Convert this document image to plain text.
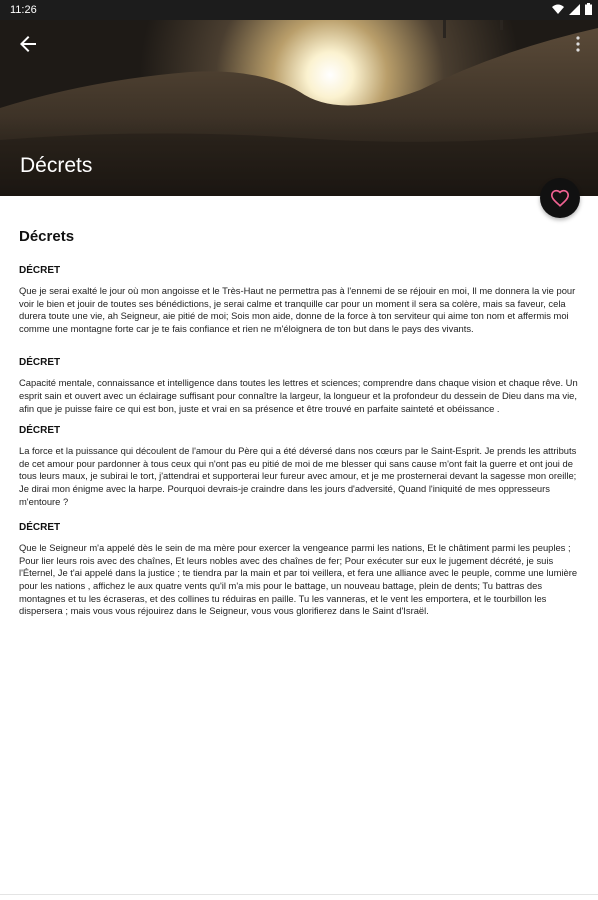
11:26
Décrets
Décrets
DÉCRET

Que je serai exalté le jour où mon angoisse et le Très-Haut ne permettra pas à l'ennemi de se réjouir en moi, Il me donnera la vie pour voir le bien et jouir de toutes ses bénédictions, je serai calme et tranquille car pour un moment il sera sa colère, mais sa faveur, cela durera toute une vie, ah Seigneur, aie pitié de moi; Sois mon aide, donne de la force à ton serviteur qui aime ton nom et affermis moi comme une montagne forte car je te fais confiance et rien ne m'éloignera de ton but dans le pays des vivants.

DÉCRET

Capacité mentale, connaissance et intelligence dans toutes les lettres et sciences; comprendre dans chaque vision et chaque rêve. Un esprit sain et ouvert avec un éclairage suffisant pour connaître la largeur, la longueur et la profondeur du dessein de Dieu dans ma vie, afin que je puisse faire ce qui est bon, juste et vrai en sa présence et être trouvé en parfaite sainteté et obéissance .

DÉCRET

La force et la puissance qui découlent de l'amour du Père qui a été déversé dans nos cœurs par le Saint-Esprit. Je prends les attributs de cet amour pour pardonner à tous ceux qui n'ont pas eu pitié de moi de me blesser qui sans cause m'ont fait la guerre et ont joui de tous leurs maux, je subirai le tort, j'attendrai et supporterai leur fureur avec amour, et je me prosternerai devant la sagesse mon oreille; Je dirai mon énigme avec la harpe. Pourquoi devrais-je craindre dans les jours d'adversité, Quand l'iniquité de mes oppresseurs m'entoure ?

DÉCRET

Que le Seigneur m'a appelé dès le sein de ma mère pour exercer la vengeance parmi les nations, Et le châtiment parmi les peuples ; Pour lier leurs rois avec des chaînes, Et leurs nobles avec des chaînes de fer; Pour exécuter sur eux le jugement décrété, je suis l'Éternel, Je t'ai appelé dans la justice ; te tiendra par la main et par toi veillera, et fera une alliance avec le peuple, comme une lumière pour les nations , affichez le aux quatre vents qu'il m'a mis pour le battage, un nouveau battage, plein de dents; Tu battras des montagnes et tu les écraseras, et des collines tu réduiras en paille. Tu les vanneras, et le vent les emportera, et le tourbillon les dispersera ; mais vous vous réjouirez dans le Seigneur, vous vous glorifierez dans le Saint d'Israël.
